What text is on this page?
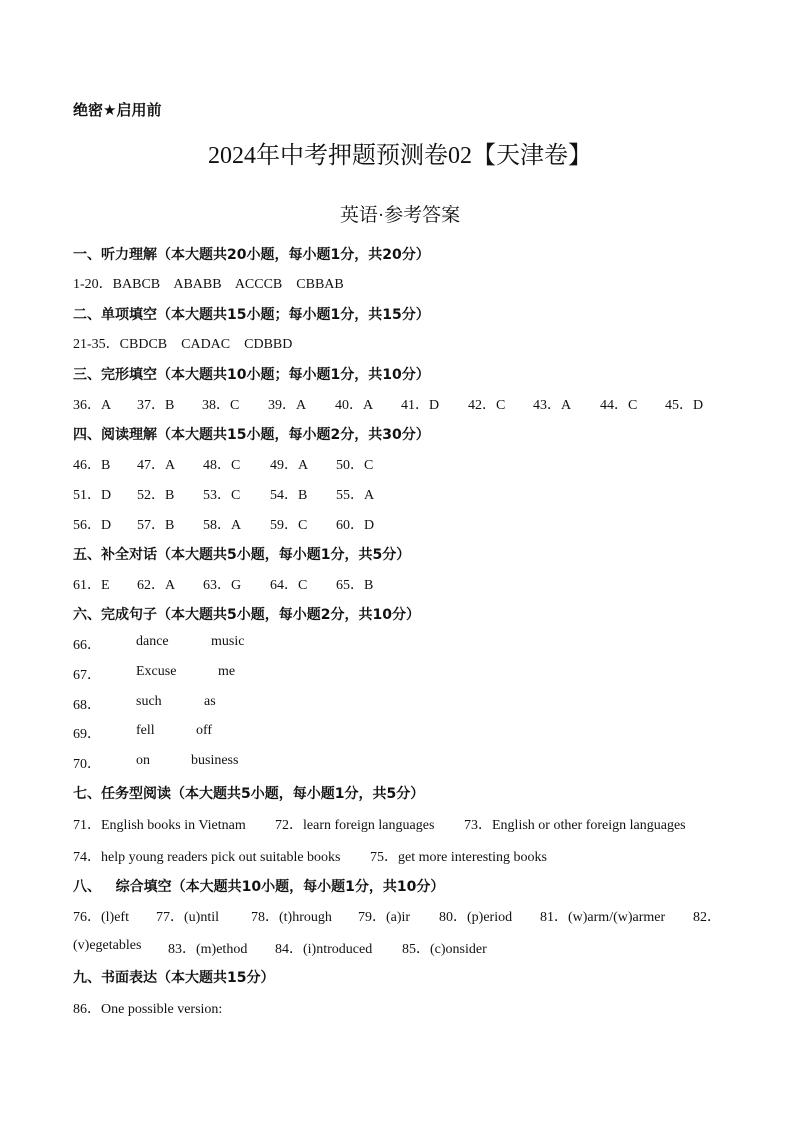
绝密★启用前
2024年中考押题预测卷02【天津卷】
英语·参考答案
一、听力理解（本大题共20小题，每小题1分，共20分）
1-20．BABCB    ABABB    ACCCB    CBBAB
二、单项填空（本大题共15小题；每小题1分，共15分）
21-35．CBDCB    CADAC    CDBBD
三、完形填空（本大题共10小题；每小题1分，共10分）
36．A 37．B 38．C 39．A 40．A 41．D 42．C 43．A 44．C 45．D
四、阅读理解（本大题共15小题，每小题2分，共30分）
46．B 47．A 48．C 49．A 50．C
51．D 52．B 53．C 54．B 55．A
56．D 57．B 58．A 59．C 60．D
五、补全对话（本大题共5小题，每小题1分，共5分）
61．E 62．A 63．G 64．C 65．B
六、完成句子（本大题共5小题，每小题2分，共10分）
66．	dance	music
67．	Excuse	me
68．	such	as
69．	fell	off
70．	on	business
七、任务型阅读（本大题共5小题，每小题1分，共5分）
71．English books in Vietnam 72．learn foreign languages 73．English or other foreign languages
74．help young readers pick out suitable books 75．get more interesting books
八、   综合填空（本大题共10小题，每小题1分，共10分）
76．(l)eft 77．(u)ntil 78．(t)hrough 79．(a)ir 80．(p)eriod 81．(w)arm/(w)armer 82．
(v)egetables 83．(m)ethod 84．(i)ntroduced 85．(c)onsider
九、书面表达（本大题共15分）
86．One possible version:
